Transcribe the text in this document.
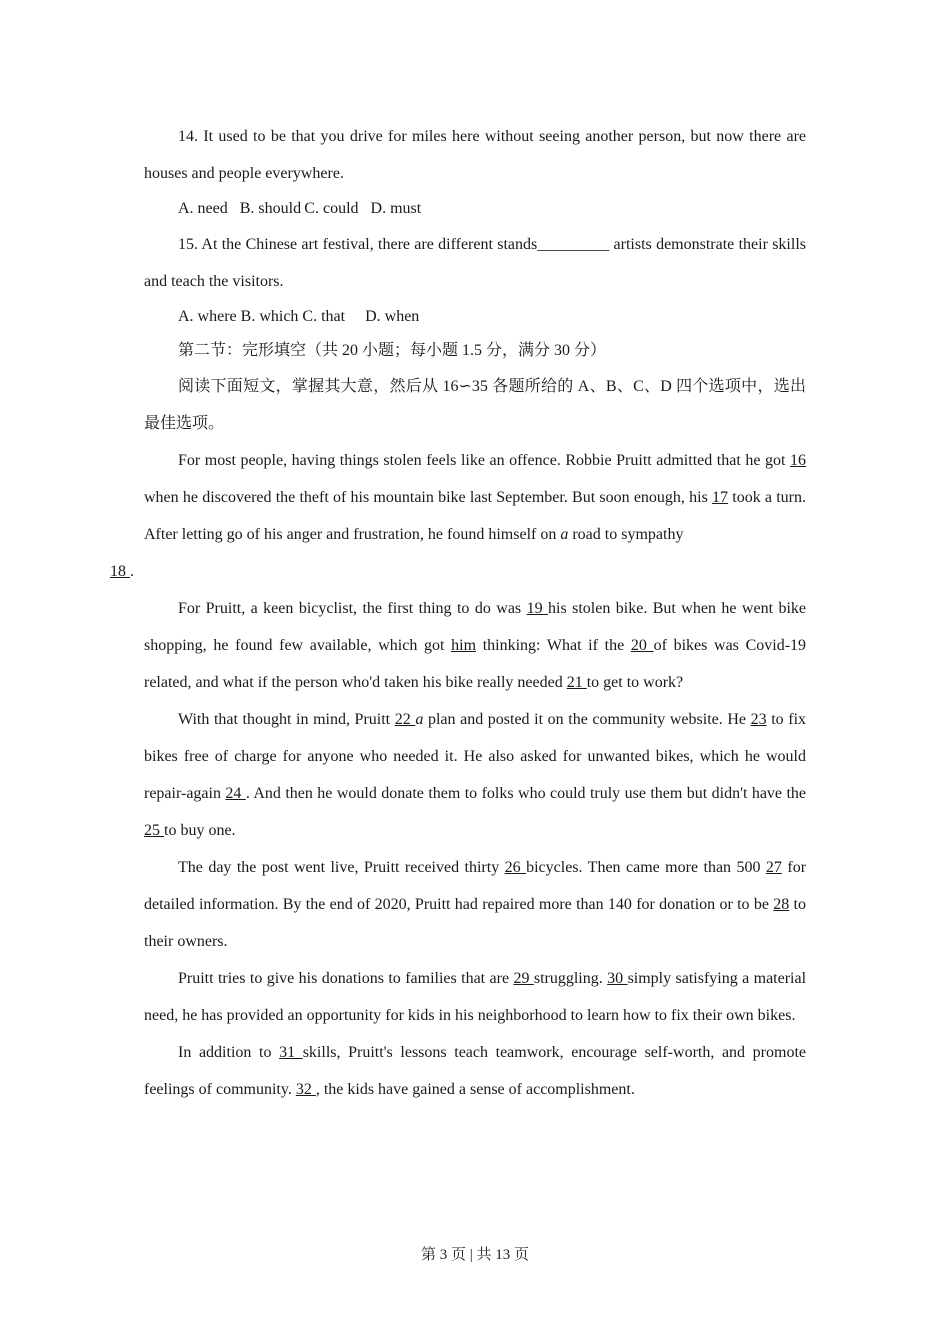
14. It used to be that you drive for miles here without seeing another person, but now there are houses and people everywhere.

A. need   B. should C. could   D. must

15. At the Chinese art festival, there are different stands_________ artists demonstrate their skills and teach the visitors.

A. where B. which C. that     D. when

第二节：完形填空（共 20 小题；每小题 1.5 分，满分 30 分）

阅读下面短文，掌握其大意，然后从 16∽35 各题所给的 A、B、C、D 四个选项中，选出最佳选项。

For most people, having things stolen feels like an offence. Robbie Pruitt admitted that he got 16 when he discovered the theft of his mountain bike last September. But soon enough, his 17 took a turn. After letting go of his anger and frustration, he found himself on a road to sympathy
18 .

For Pruitt, a keen bicyclist, the first thing to do was 19 his stolen bike. But when he went bike shopping, he found few available, which got him thinking: What if the 20 of bikes was Covid-19 related, and what if the person who'd taken his bike really needed 21 to get to work?

With that thought in mind, Pruitt 22 a plan and posted it on the community website. He 23 to fix bikes free of charge for anyone who needed it. He also asked for unwanted bikes, which he would repair-again 24 . And then he would donate them to folks who could truly use them but didn't have the 25 to buy one.

The day the post went live, Pruitt received thirty 26 bicycles. Then came more than 500 27 for detailed information. By the end of 2020, Pruitt had repaired more than 140 for donation or to be 28 to their owners.

Pruitt tries to give his donations to families that are 29 struggling. 30 simply satisfying a material need, he has provided an opportunity for kids in his neighborhood to learn how to fix their own bikes.

In addition to 31 skills, Pruitt's lessons teach teamwork, encourage self-worth, and promote feelings of community. 32 , the kids have gained a sense of accomplishment.

第 3 页 | 共 13 页
